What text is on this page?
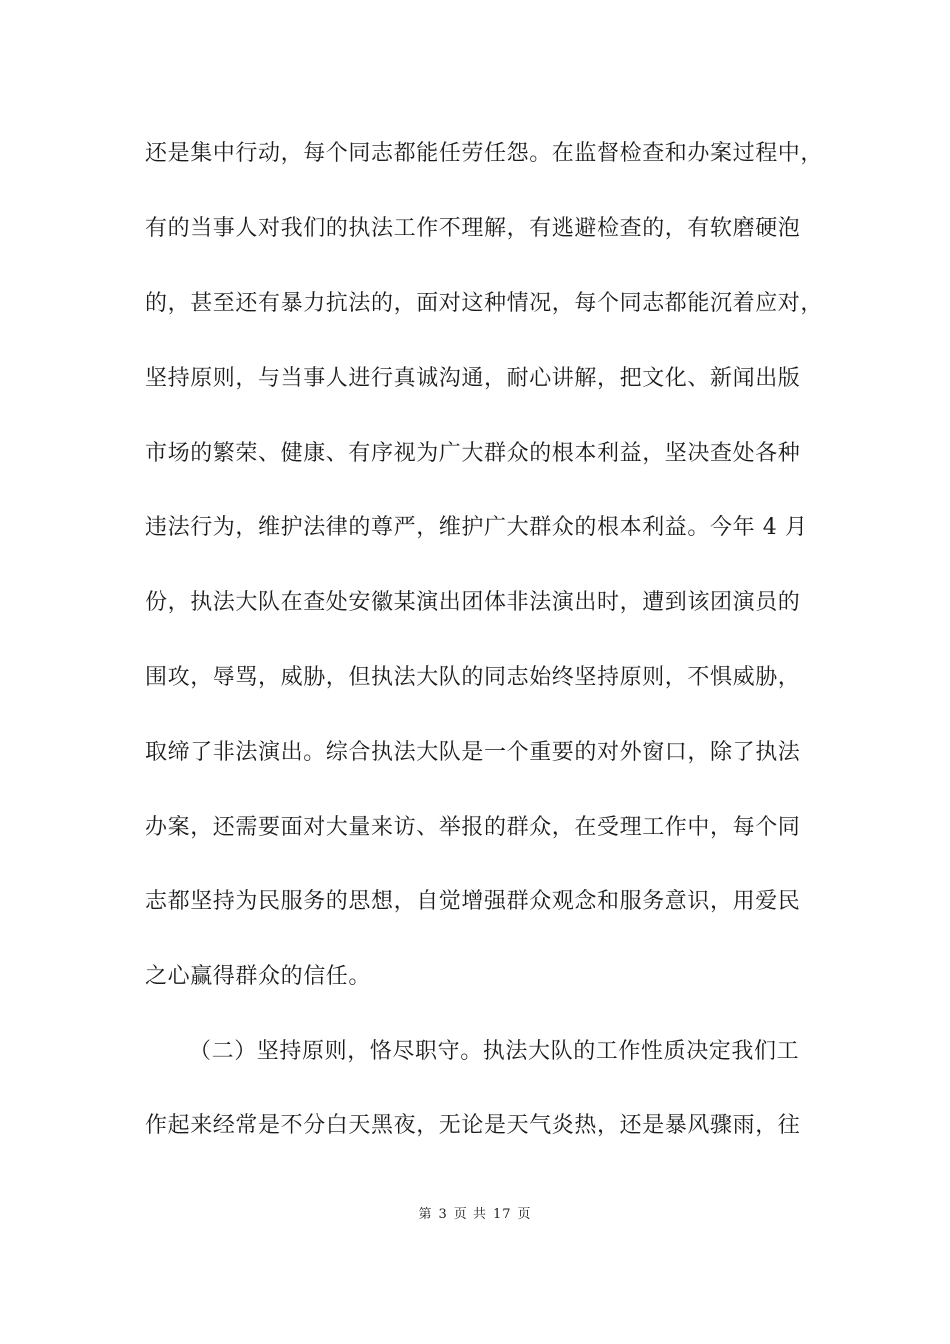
还是集中行动，每个同志都能任劳任怨。在监督检查和办案过程中，
有的当事人对我们的执法工作不理解，有逃避检查的，有软磨硬泡
的，甚至还有暴力抗法的，面对这种情况，每个同志都能沉着应对，
坚持原则，与当事人进行真诚沟通，耐心讲解，把文化、新闻出版
市场的繁荣、健康、有序视为广大群众的根本利益，坚决查处各种
违法行为，维护法律的尊严，维护广大群众的根本利益。今年 4 月
份，执法大队在查处安徽某演出团体非法演出时，遭到该团演员的
围攻，辱骂，威胁，但执法大队的同志始终坚持原则，不惧威胁，
取缔了非法演出。综合执法大队是一个重要的对外窗口，除了执法
办案，还需要面对大量来访、举报的群众，在受理工作中，每个同
志都坚持为民服务的思想，自觉增强群众观念和服务意识，用爱民
之心赢得群众的信任。
（二）坚持原则，恪尽职守。执法大队的工作性质决定我们工
作起来经常是不分白天黑夜，无论是天气炎热，还是暴风骤雨，往
第 3 页 共 17 页
